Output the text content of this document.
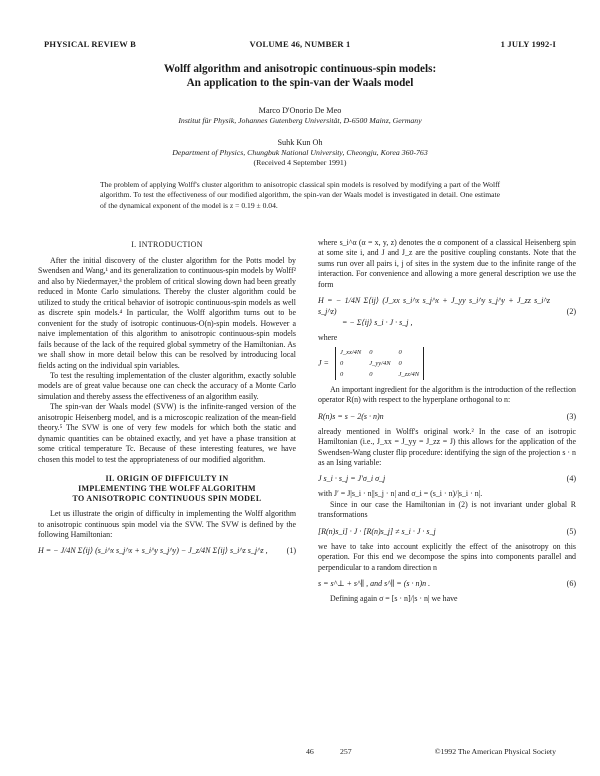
PHYSICAL REVIEW B	VOLUME 46, NUMBER 1	1 JULY 1992-I
Wolff algorithm and anisotropic continuous-spin models:
An application to the spin-van der Waals model
Marco D'Onorio De Meo
Institut für Physik, Johannes Gutenberg Universität, D-6500 Mainz, Germany
Suhk Kun Oh
Department of Physics, Chungbuk National University, Cheongju, Korea 360-763
(Received 4 September 1991)
The problem of applying Wolff's cluster algorithm to anisotropic classical spin models is resolved by modifying a part of the Wolff algorithm. To test the effectiveness of our modified algorithm, the spin-van der Waals model is investigated in detail. One estimate of the dynamical exponent of the model is z = 0.19 ± 0.04.
I. INTRODUCTION

After the initial discovery of the cluster algorithm for the Potts model by Swendsen and Wang,¹ and its generalization to continuous-spin models by Wolff² and also by Niedermayer,³ the problem of critical slowing down had been greatly reduced in Monte Carlo simulations. Thereby the cluster algorithm could be utilized to study the critical behavior of isotropic continuous-spin models as well as discrete spin models.⁴ In particular, the Wolff algorithm turns out to be convenient for the study of isotropic continuous-O(n)-spin models. However a naive implementation of this algorithm to anisotropic continuous-spin models fails because of the lack of the required global symmetry of the Hamiltonian. As we shall show in more detail below this can be resolved by introducing local fields acting on the individual spin variables.

To test the resulting implementation of the cluster algorithm, exactly soluble models are of great value because one can check the accuracy of a Monte Carlo simulation and thereby assess the effectiveness of an algorithm easily.

The spin-van der Waals model (SVW) is the infinite-ranged version of the anisotropic Heisenberg model, and is a microscopic realization of the mean-field theory.⁵ The SVW is one of very few models for which both the static and dynamic quantities can be obtained exactly, and yet have a phase transition at some critical temperature Tc. Because of these interesting features, we have chosen this model to test the appropriateness of our modified algorithm.

II. ORIGIN OF DIFFICULTY IN
IMPLEMENTING THE WOLFF ALGORITHM
TO ANISOTROPIC CONTINUOUS SPIN MODEL

Let us illustrate the origin of difficulty in implementing the Wolff algorithm to anisotropic continuous spin model via the SVW. The SVW is defined by the following Hamiltonian:

H = − J/4N Σ⟨ij⟩ (s_i^x s_j^x + s_i^y s_j^y) − J_z/4N Σ⟨ij⟩ s_i^z s_j^z , (1)

where s_i^α (α = x, y, z) denotes the α component of a classical Heisenberg spin at some site i, and J and J_z are the positive coupling constants. Note that the sums run over all pairs i, j of sites in the system due to the infinite range of the interaction. For convenience and allowing a more general description we use the form

H = − 1/4N Σ⟨ij⟩ (J_xx s_i^x s_j^x + J_yy s_i^y s_j^y + J_zz s_i^z s_j^z)
= − Σ⟨ij⟩ s_i · J · s_j ,
(2)

where

J = J_xx/4N	0	0
0	J_yy/4N	0
0	0	J_zz/4N

An important ingredient for the algorithm is the introduction of the reflection operator R(n) with respect to the hyperplane orthogonal to n:

R(n)s = s − 2(s · n)n	(3)

already mentioned in Wolff's original work.² In the case of an isotropic Hamiltonian (i.e., J_xx = J_yy = J_zz = J) this allows for the application of the Swendsen-Wang cluster flip procedure: identifying the sign of the projection s · n as an Ising variable:

J s_i · s_j = J′σ_i σ_j	(4)

with J′ = J|s_i · n||s_j · n| and σ_i = (s_i · n)/|s_i · n|.

Since in our case the Hamiltonian in (2) is not invariant under global R transformations

[R(n)s_i] · J · [R(n)s_j] ≠ s_i · J · s_j	(5)

we have to take into account explicitly the effect of the anisotropy on this operation. For this end we decompose the spins into components parallel and perpendicular to a random direction n

s = s^⊥ + s^∥ , and s^∥ = (s · n)n .	(6)

Defining again σ = [s · n]/|s · n| we have

46	257	©1992 The American Physical Society
